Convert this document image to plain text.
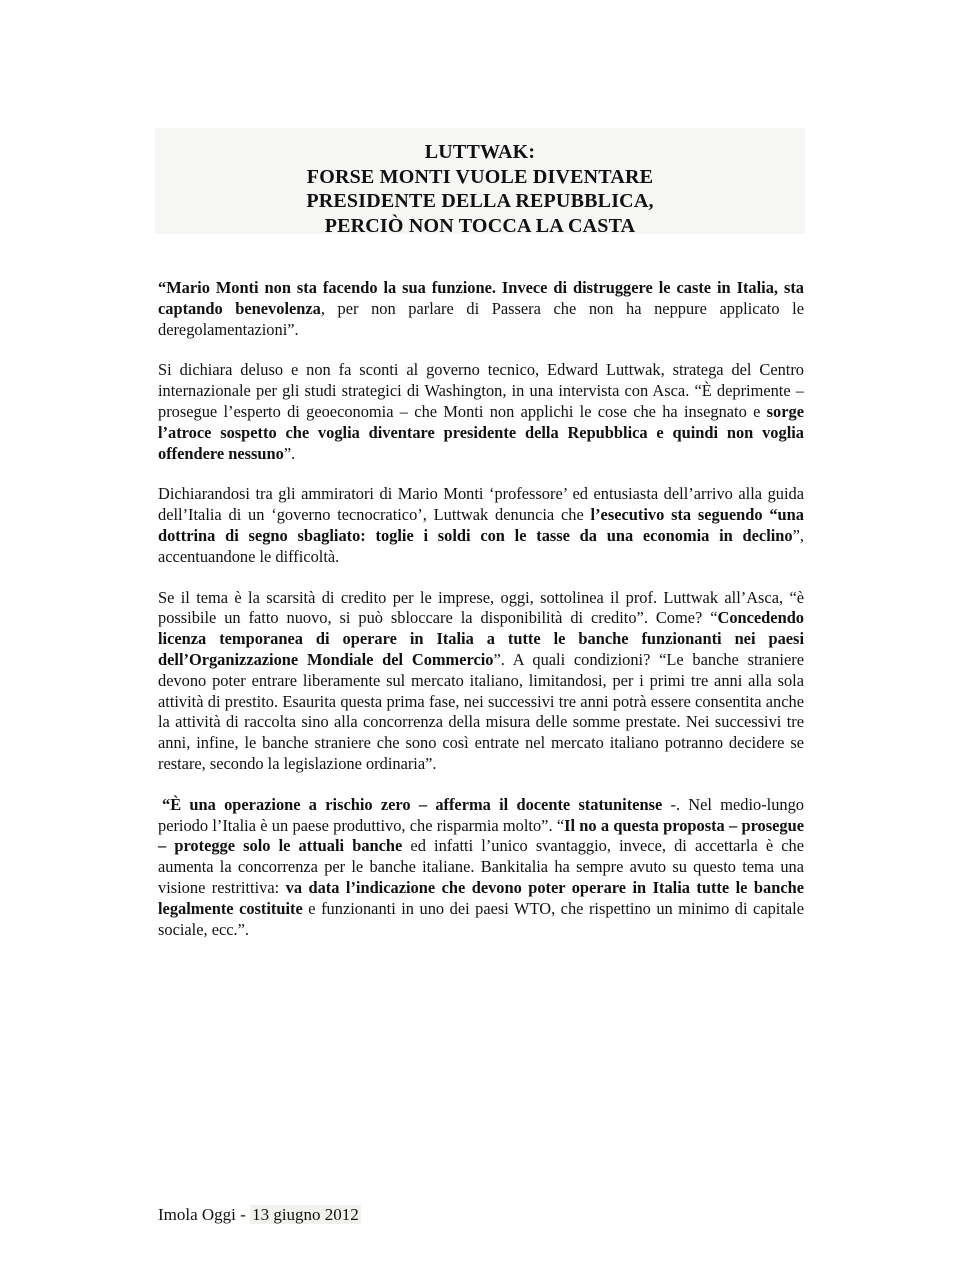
LUTTWAK:
FORSE MONTI VUOLE DIVENTARE
PRESIDENTE DELLA REPUBBLICA,
PERCIÒ NON TOCCA LA CASTA

“Mario Monti non sta facendo la sua funzione. Invece di distruggere le caste in Italia, sta captando benevolenza, per non parlare di Passera che non ha neppure applicato le deregolamentazioni”.

Si dichiara deluso e non fa sconti al governo tecnico, Edward Luttwak, stratega del Centro internazionale per gli studi strategici di Washington, in una intervista con Asca. “È deprimente – prosegue l’esperto di geoeconomia – che Monti non applichi le cose che ha insegnato e sorge l’atroce sospetto che voglia diventare presidente della Repubblica e quindi non voglia offendere nessuno”.

Dichiarandosi tra gli ammiratori di Mario Monti ‘professore’ ed entusiasta dell’arrivo alla guida dell’Italia di un ‘governo tecnocratico’, Luttwak denuncia che l’esecutivo sta seguendo “una dottrina di segno sbagliato: toglie i soldi con le tasse da una economia in declino”, accentuandone le difficoltà.

Se il tema è la scarsità di credito per le imprese, oggi, sottolinea il prof. Luttwak all’Asca, “è possibile un fatto nuovo, si può sbloccare la disponibilità di credito”. Come? “Concedendo licenza temporanea di operare in Italia a tutte le banche funzionanti nei paesi dell’Organizzazione Mondiale del Commercio”. A quali condizioni? “Le banche straniere devono poter entrare liberamente sul mercato italiano, limitandosi, per i primi tre anni alla sola attività di prestito. Esaurita questa prima fase, nei successivi tre anni potrà essere consentita anche la attività di raccolta sino alla concorrenza della misura delle somme prestate. Nei successivi tre anni, infine, le banche straniere che sono così entrate nel mercato italiano potranno decidere se restare, secondo la legislazione ordinaria”.

“È una operazione a rischio zero – afferma il docente statunitense -. Nel medio-lungo periodo l’Italia è un paese produttivo, che risparmia molto”. “Il no a questa proposta – prosegue – protegge solo le attuali banche ed infatti l’unico svantaggio, invece, di accettarla è che aumenta la concorrenza per le banche italiane. Bankitalia ha sempre avuto su questo tema una visione restrittiva: va data l’indicazione che devono poter operare in Italia tutte le banche legalmente costituite e funzionanti in uno dei paesi WTO, che rispettino un minimo di capitale sociale, ecc.”.

Imola Oggi - 13 giugno 2012
